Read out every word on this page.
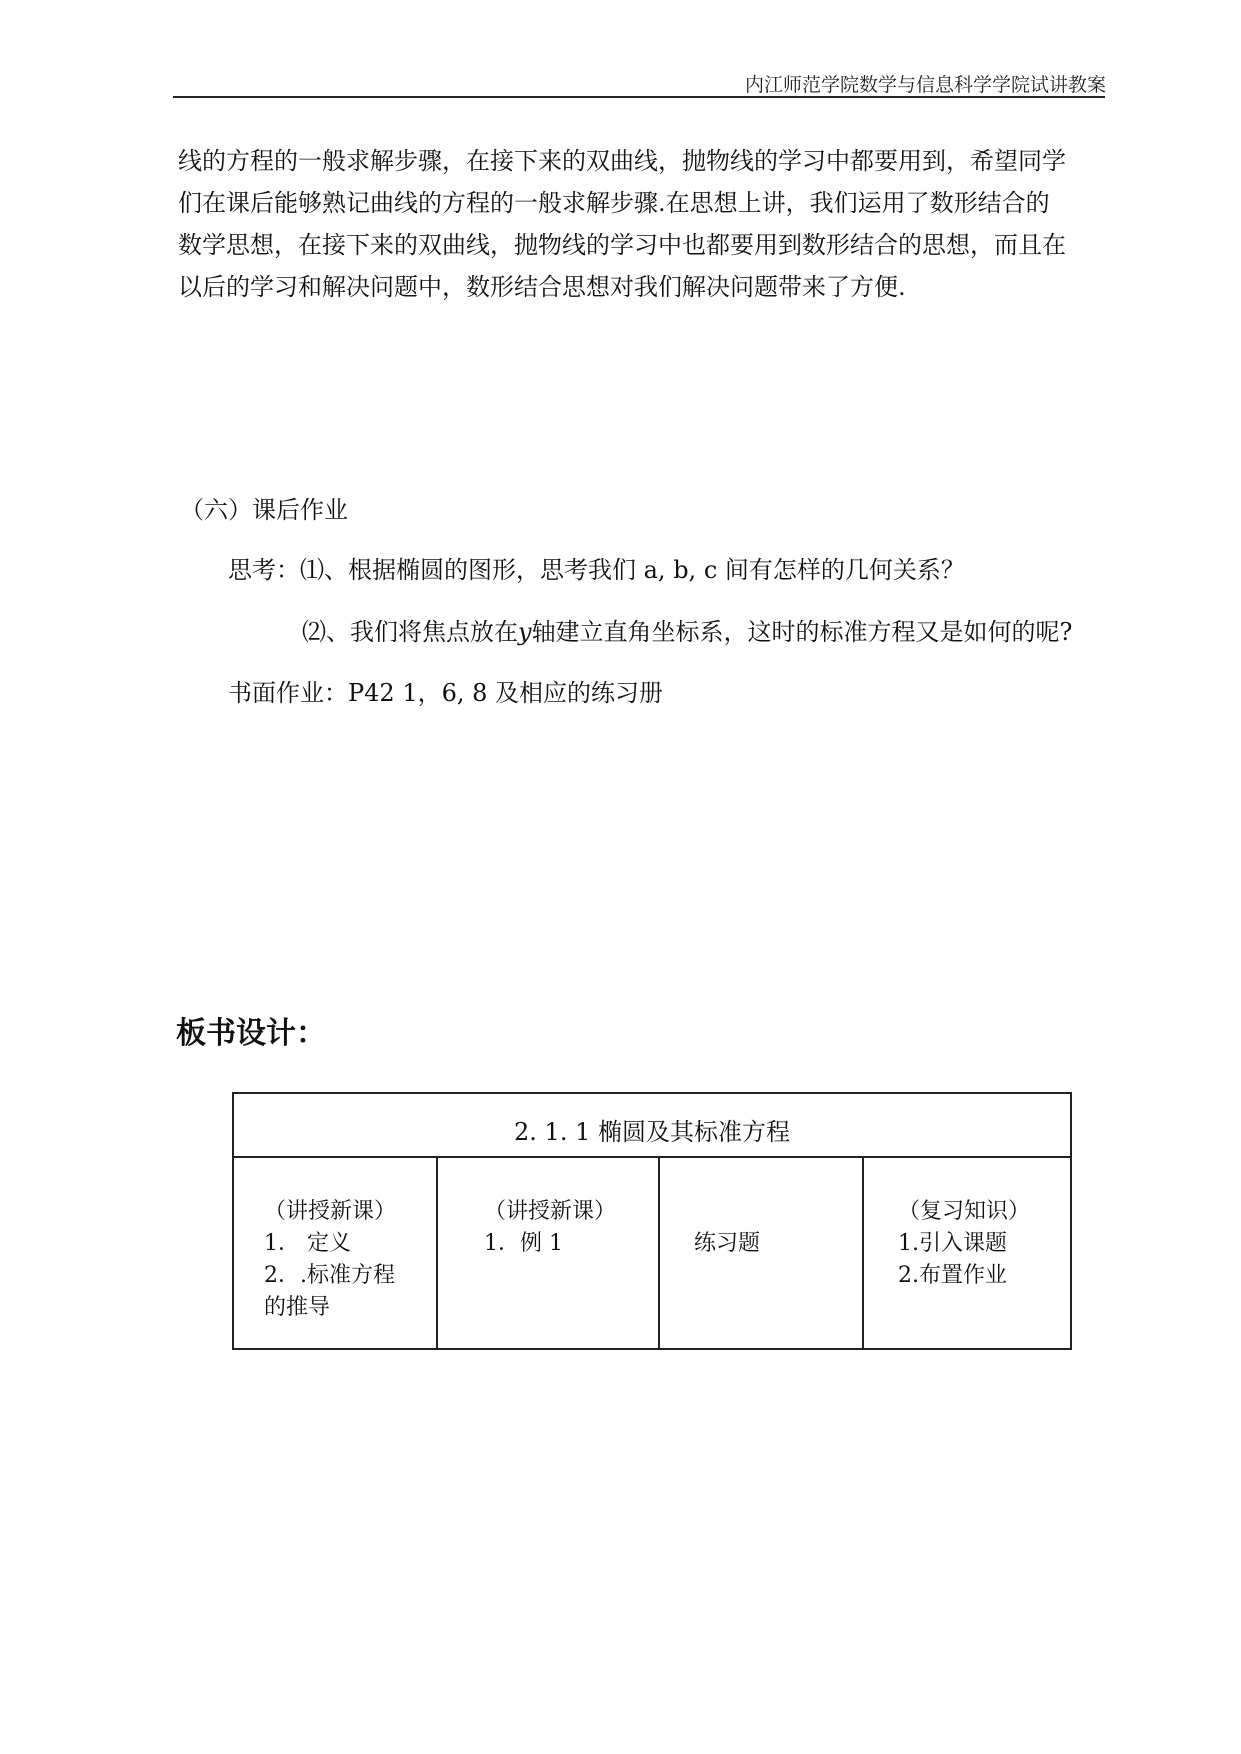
内江师范学院数学与信息科学学院试讲教案

线的方程的一般求解步骤，在接下来的双曲线，抛物线的学习中都要用到，希望同学

们在课后能够熟记曲线的方程的一般求解步骤.在思想上讲，我们运用了数形结合的

数学思想，在接下来的双曲线，抛物线的学习中也都要用到数形结合的思想，而且在

以后的学习和解决问题中，数形结合思想对我们解决问题带来了方便.

（六）课后作业
思考：⑴、根据椭圆的图形，思考我们 a, b, c 间有怎样的几何关系？
⑵、我们将焦点放在y轴建立直角坐标系，这时的标准方程又是如何的呢?
书面作业：P42 1，6, 8 及相应的练习册
板书设计：
2. 1. 1 椭圆及其标准方程
（讲授新课）
1． 定义
2．.标准方程
的推导
（讲授新课）
1．例 1	练习题
（复习知识）
1.引入课题
2.布置作业
